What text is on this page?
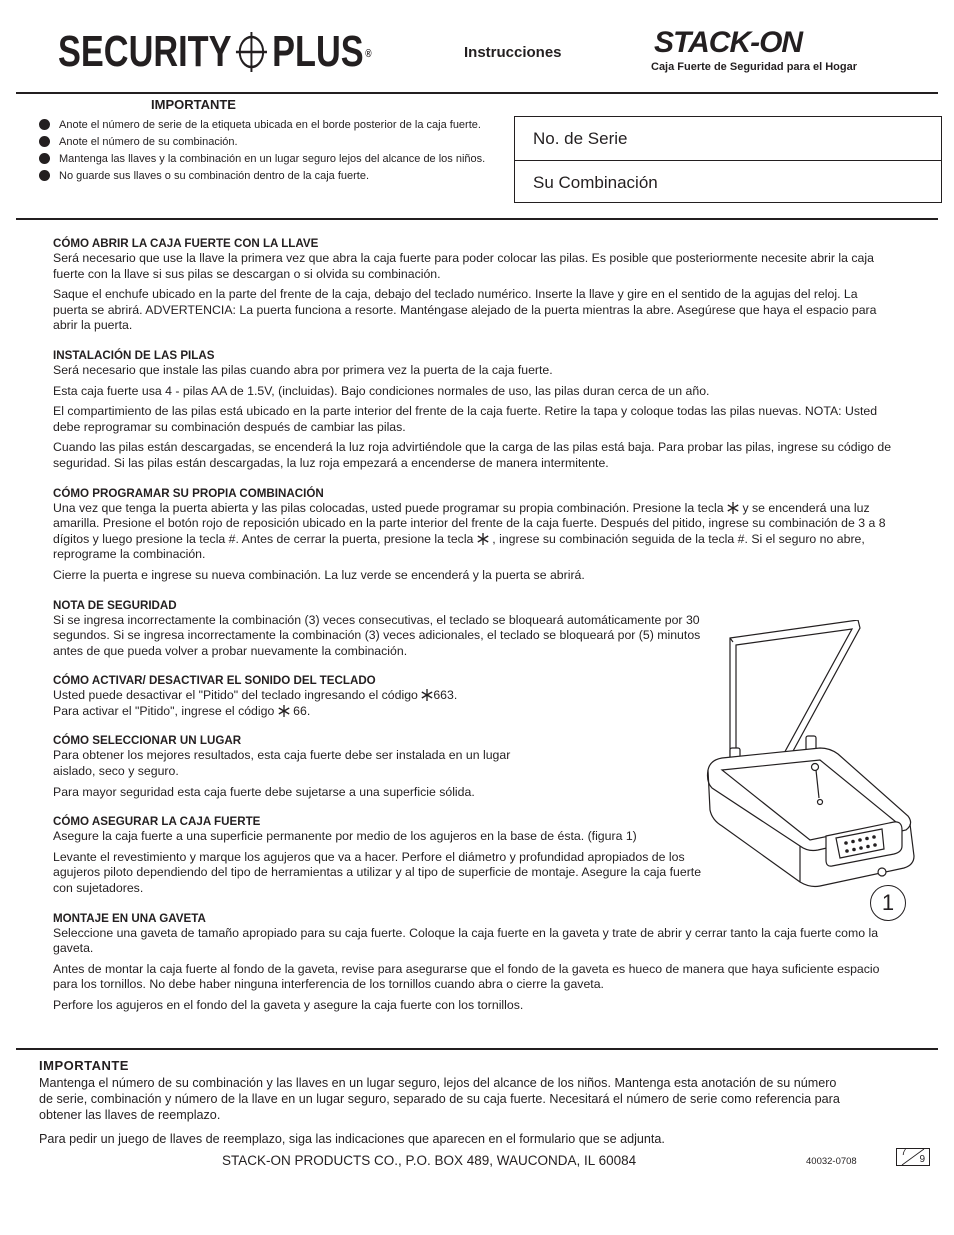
SECURITY PLUS ®	Instrucciones	STACK-ON
Caja Fuerte de Seguridad para el Hogar
IMPORTANTE
Anote el número de serie de la etiqueta ubicada en el borde posterior de la caja fuerte.
Anote el número de su combinación.
Mantenga las llaves y la combinación en un lugar seguro lejos del alcance de los niños.
No guarde sus llaves o su combinación dentro de la caja fuerte.
No. de Serie
Su Combinación
CÓMO ABRIR LA CAJA FUERTE CON LA LLAVE

Será necesario que use la llave la primera vez que abra la caja fuerte para poder colocar las pilas. Es posible que posteriormente necesite abrir la caja fuerte con la llave si sus pilas se descargan o si olvida su combinación.

Saque el enchufe ubicado en la parte del frente de la caja, debajo del teclado numérico. Inserte la llave y gire en el sentido de la agujas del reloj. La puerta se abrirá. ADVERTENCIA: La puerta funciona a resorte. Manténgase alejado de la puerta mientras la abre. Asegúrese que haya el espacio para abrir la puerta.

INSTALACIÓN DE LAS PILAS

Será necesario que instale las pilas cuando abra por primera vez la puerta de la caja fuerte.

Esta caja fuerte usa 4 - pilas AA de 1.5V, (incluidas). Bajo condiciones normales de uso, las pilas duran cerca de un año.

El compartimiento de las pilas está ubicado en la parte interior del frente de la caja fuerte. Retire la tapa y coloque todas las pilas nuevas. NOTA: Usted debe reprogramar su combinación después de cambiar las pilas.

Cuando las pilas están descargadas, se encenderá la luz roja advirtiéndole que la carga de las pilas está baja. Para probar las pilas, ingrese su código de seguridad. Si las pilas están descargadas, la luz roja empezará a encenderse de manera intermitente.

CÓMO PROGRAMAR SU PROPIA COMBINACIÓN

Una vez que tenga la puerta abierta y las pilas colocadas, usted puede programar su propia combinación. Presione la tecla y se encenderá una luz amarilla. Presione el botón rojo de reposición ubicado en la parte interior del frente de la caja fuerte. Después del pitido, ingrese su combinación de 3 a 8 dígitos y luego presione la tecla #. Antes de cerrar la puerta, presione la tecla , ingrese su combinación seguida de la tecla #. Si el seguro no abre, reprograme la combinación.

Cierre la puerta e ingrese su nueva combinación. La luz verde se encenderá y la puerta se abrirá.

NOTA DE SEGURIDAD

Si se ingresa incorrectamente la combinación (3) veces consecutivas, el teclado se bloqueará automáticamente por 30 segundos. Si se ingresa incorrectamente la combinación (3) veces adicionales, el teclado se bloqueará por (5) minutos antes de que pueda volver a probar nuevamente la combinación.

CÓMO ACTIVAR/ DESACTIVAR EL SONIDO DEL TECLADO

Usted puede desactivar el "Pitido" del teclado ingresando el código 663.
Para activar el "Pitido", ingrese el código 66.

CÓMO SELECCIONAR UN LUGAR

Para obtener los mejores resultados, esta caja fuerte debe ser instalada en un lugar aislado, seco y seguro.

Para mayor seguridad esta caja fuerte debe sujetarse a una superficie sólida.

CÓMO ASEGURAR LA CAJA FUERTE

Asegure la caja fuerte a una superficie permanente por medio de los agujeros en la base de ésta. (figura 1)

Levante el revestimiento y marque los agujeros que va a hacer. Perfore el diámetro y profundidad apropiados de los agujeros piloto dependiendo del tipo de herramientas a utilizar y al tipo de superficie de montaje. Asegure la caja fuerte con sujetadores.

MONTAJE EN UNA GAVETA

Seleccione una gaveta de tamaño apropiado para su caja fuerte. Coloque la caja fuerte en la gaveta y trate de abrir y cerrar tanto la caja fuerte como la gaveta.

Antes de montar la caja fuerte al fondo de la gaveta, revise para asegurarse que el fondo de la gaveta es hueco de manera que haya suficiente espacio para los tornillos. No debe haber ninguna interferencia de los tornillos cuando abra o cierre la gaveta.

Perfore los agujeros en el fondo del la gaveta y asegure la caja fuerte con los tornillos.

1
IMPORTANTE

Mantenga el número de su combinación y las llaves en un lugar seguro, lejos del alcance de los niños. Mantenga esta anotación de su número de serie, combinación y número de la llave en un lugar seguro, separado de su caja fuerte. Necesitará el número de serie como referencia para obtener las llaves de reemplazo.

Para pedir un juego de llaves de reemplazo, siga las indicaciones que aparecen en el formulario que se adjunta.

STACK-ON PRODUCTS CO., P.O. BOX 489, WAUCONDA, IL 60084	40032-0708
7
9
